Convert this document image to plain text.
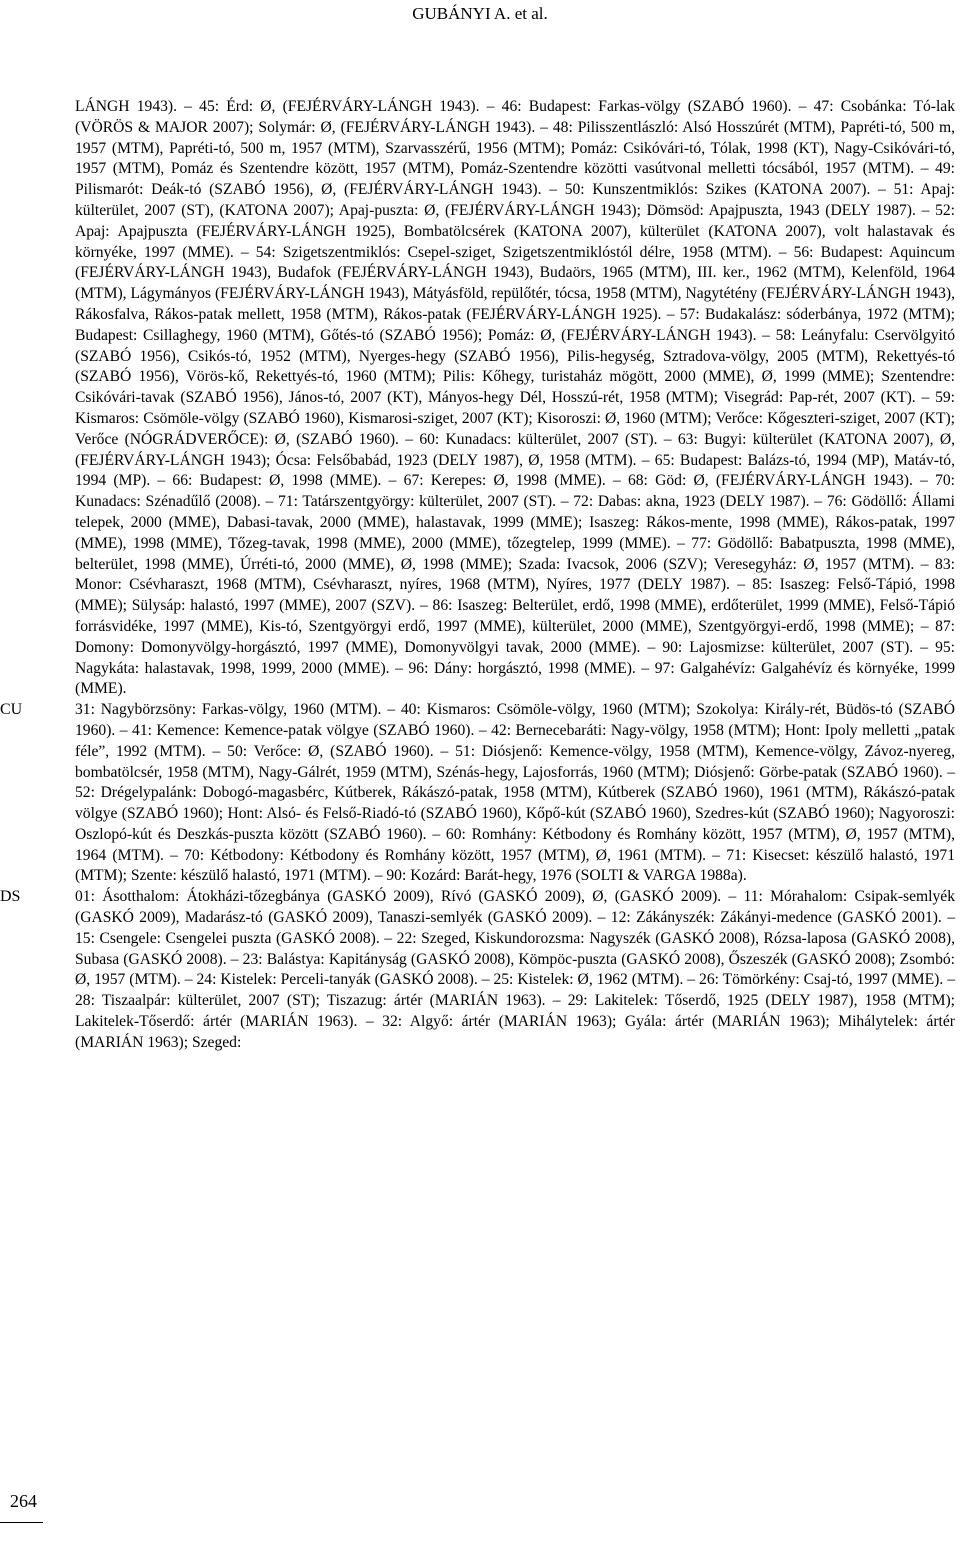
GUBÁNYI A. et al.

LÁNGH 1943). – 45: Érd: Ø, (FEJÉRVÁRY-LÁNGH 1943). – 46: Budapest: Farkas-völgy (SZABÓ 1960). – 47: Csobánka: Tó-lak (VÖRÖS & MAJOR 2007); Solymár: Ø, (FEJÉRVÁRY-LÁNGH 1943). – 48: Pilisszentlászló: Alsó Hosszúrét (MTM), Papréti-tó, 500 m, 1957 (MTM), Papréti-tó, 500 m, 1957 (MTM), Szarvasszérű, 1956 (MTM); Pomáz: Csikóvári-tó, Tólak, 1998 (KT), Nagy-Csikóvári-tó, 1957 (MTM), Pomáz és Szentendre között, 1957 (MTM), Pomáz-Szentendre közötti vasútvonal melletti tócsából, 1957 (MTM). – 49: Pilismarót: Deák-tó (SZABÓ 1956), Ø, (FEJÉRVÁRY-LÁNGH 1943). – 50: Kunszentmiklós: Szikes (KATONA 2007). – 51: Apaj: külterület, 2007 (ST), (KATONA 2007); Apaj-puszta: Ø, (FEJÉRVÁRY-LÁNGH 1943); Dömsöd: Apajpuszta, 1943 (DELY 1987). – 52: Apaj: Apajpuszta (FEJÉRVÁRY-LÁNGH 1925), Bombatölcsérek (KATONA 2007), külterület (KATONA 2007), volt halastavak és környéke, 1997 (MME). – 54: Szigetszentmiklós: Csepel-sziget, Szigetszentmiklóstól délre, 1958 (MTM). – 56: Budapest: Aquincum (FEJÉRVÁRY-LÁNGH 1943), Budafok (FEJÉRVÁRY-LÁNGH 1943), Budaörs, 1965 (MTM), III. ker., 1962 (MTM), Kelenföld, 1964 (MTM), Lágymányos (FEJÉRVÁRY-LÁNGH 1943), Mátyásföld, repülőtér, tócsa, 1958 (MTM), Nagytétény (FEJÉRVÁRY-LÁNGH 1943), Rákosfalva, Rákos-patak mellett, 1958 (MTM), Rákos-patak (FEJÉRVÁRY-LÁNGH 1925). – 57: Budakalász: sóderbánya, 1972 (MTM); Budapest: Csillaghegy, 1960 (MTM), Gőtés-tó (SZABÓ 1956); Pomáz: Ø, (FEJÉRVÁRY-LÁNGH 1943). – 58: Leányfalu: Cservölgyitó (SZABÓ 1956), Csikós-tó, 1952 (MTM), Nyerges-hegy (SZABÓ 1956), Pilis-hegység, Sztradova-völgy, 2005 (MTM), Rekettyés-tó (SZABÓ 1956), Vörös-kő, Rekettyés-tó, 1960 (MTM); Pilis: Kőhegy, turistaház mögött, 2000 (MME), Ø, 1999 (MME); Szentendre: Csikóvári-tavak (SZABÓ 1956), János-tó, 2007 (KT), Mányos-hegy Dél, Hosszú-rét, 1958 (MTM); Visegrád: Pap-rét, 2007 (KT). – 59: Kismaros: Csömöle-völgy (SZABÓ 1960), Kismarosi-sziget, 2007 (KT); Kisoroszi: Ø, 1960 (MTM); Verőce: Kőgeszteri-sziget, 2007 (KT); Verőce (NÓGRÁDVERŐCE): Ø, (SZABÓ 1960). – 60: Kunadacs: külterület, 2007 (ST). – 63: Bugyi: külterület (KATONA 2007), Ø, (FEJÉRVÁRY-LÁNGH 1943); Ócsa: Felsőbabád, 1923 (DELY 1987), Ø, 1958 (MTM). – 65: Budapest: Balázs-tó, 1994 (MP), Matáv-tó, 1994 (MP). – 66: Budapest: Ø, 1998 (MME). – 67: Kerepes: Ø, 1998 (MME). – 68: Göd: Ø, (FEJÉRVÁRY-LÁNGH 1943). – 70: Kunadacs: Szénadűlő (2008). – 71: Tatárszentgyörgy: külterület, 2007 (ST). – 72: Dabas: akna, 1923 (DELY 1987). – 76: Gödöllő: Állami telepek, 2000 (MME), Dabasi-tavak, 2000 (MME), halastavak, 1999 (MME); Isaszeg: Rákos-mente, 1998 (MME), Rákos-patak, 1997 (MME), 1998 (MME), Tőzeg-tavak, 1998 (MME), 2000 (MME), tőzegtelep, 1999 (MME). – 77: Gödöllő: Babatpuszta, 1998 (MME), belterület, 1998 (MME), Úrréti-tó, 2000 (MME), Ø, 1998 (MME); Szada: Ivacsok, 2006 (SZV); Veresegyház: Ø, 1957 (MTM). – 83: Monor: Csévharaszt, 1968 (MTM), Csévharaszt, nyíres, 1968 (MTM), Nyíres, 1977 (DELY 1987). – 85: Isaszeg: Felső-Tápió, 1998 (MME); Sülysáp: halastó, 1997 (MME), 2007 (SZV). – 86: Isaszeg: Belterület, erdő, 1998 (MME), erdőterület, 1999 (MME), Felső-Tápió forrásvidéke, 1997 (MME), Kis-tó, Szentgyörgyi erdő, 1997 (MME), külterület, 2000 (MME), Szentgyörgyi-erdő, 1998 (MME); – 87: Domony: Domonyvölgy-horgásztó, 1997 (MME), Domonyvölgyi tavak, 2000 (MME). – 90: Lajosmizse: külterület, 2007 (ST). – 95: Nagykáta: halastavak, 1998, 1999, 2000 (MME). – 96: Dány: horgásztó, 1998 (MME). – 97: Galgahévíz: Galgahévíz és környéke, 1999 (MME).

CU	31: Nagybörzsöny: Farkas-völgy, 1960 (MTM). – 40: Kismaros: Csömöle-völgy, 1960 (MTM); Szokolya: Király-rét, Büdös-tó (SZABÓ 1960). – 41: Kemence: Kemence-patak völgye (SZABÓ 1960). – 42: Bernecebaráti: Nagy-völgy, 1958 (MTM); Hont: Ipoly melletti „patak féle”, 1992 (MTM). – 50: Verőce: Ø, (SZABÓ 1960). – 51: Diósjenő: Kemence-völgy, 1958 (MTM), Kemence-völgy, Závoz-nyereg, bombatölcsér, 1958 (MTM), Nagy-Gálrét, 1959 (MTM), Szénás-hegy, Lajosforrás, 1960 (MTM); Diósjenő: Görbe-patak (SZABÓ 1960). – 52: Drégelypalánk: Dobogó-magasbérc, Kútberek, Rákászó-patak, 1958 (MTM), Kútberek (SZABÓ 1960), 1961 (MTM), Rákászó-patak völgye (SZABÓ 1960); Hont: Alsó- és Felső-Riadó-tó (SZABÓ 1960), Kőpő-kút (SZABÓ 1960), Szedres-kút (SZABÓ 1960); Nagyoroszi: Oszlopó-kút és Deszkás-puszta között (SZABÓ 1960). – 60: Romhány: Kétbodony és Romhány között, 1957 (MTM), Ø, 1957 (MTM), 1964 (MTM). – 70: Kétbodony: Kétbodony és Romhány között, 1957 (MTM), Ø, 1961 (MTM). – 71: Kisecset: készülő halastó, 1971 (MTM); Szente: készülő halastó, 1971 (MTM). – 90: Kozárd: Barát-hegy, 1976 (SOLTI & VARGA 1988a).

DS	01: Ásotthalom: Átokházi-tőzegbánya (GASKÓ 2009), Rívó (GASKÓ 2009), Ø, (GASKÓ 2009). – 11: Mórahalom: Csipak-semlyék (GASKÓ 2009), Madarász-tó (GASKÓ 2009), Tanaszi-semlyék (GASKÓ 2009). – 12: Zákányszék: Zákányi-medence (GASKÓ 2001). – 15: Csengele: Csengelei puszta (GASKÓ 2008). – 22: Szeged, Kiskundorozsma: Nagyszék (GASKÓ 2008), Rózsa-laposa (GASKÓ 2008), Subasa (GASKÓ 2008). – 23: Balástya: Kapitányság (GASKÓ 2008), Kömpöc-puszta (GASKÓ 2008), Őszeszék (GASKÓ 2008); Zsombó: Ø, 1957 (MTM). – 24: Kistelek: Perceli-tanyák (GASKÓ 2008). – 25: Kistelek: Ø, 1962 (MTM). – 26: Tömörkény: Csaj-tó, 1997 (MME). – 28: Tiszaalpár: külterület, 2007 (ST); Tiszazug: ártér (MARIÁN 1963). – 29: Lakitelek: Tőserdő, 1925 (DELY 1987), 1958 (MTM); Lakitelek-Tőserdő: ártér (MARIÁN 1963). – 32: Algyő: ártér (MARIÁN 1963); Gyála: ártér (MARIÁN 1963); Mihálytelek: ártér (MARIÁN 1963); Szeged:

264
